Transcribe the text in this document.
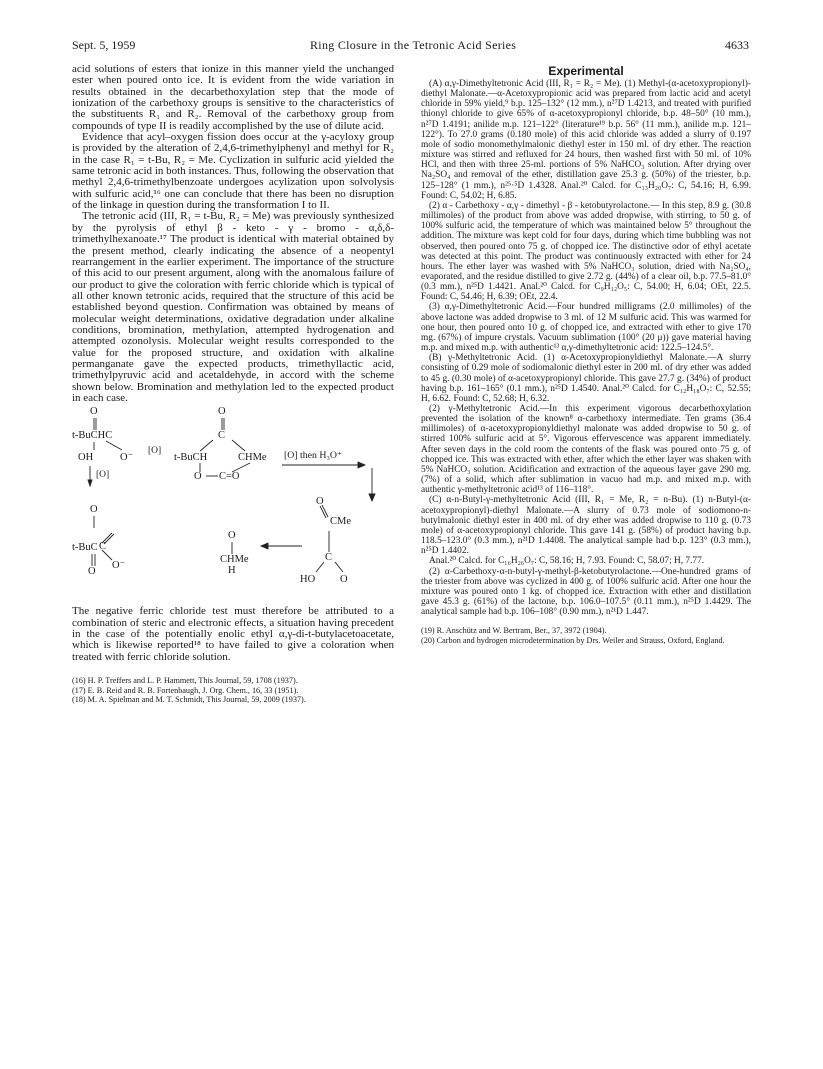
Sept. 5, 1959	Ring Closure in the Tetronic Acid Series	4633

acid solutions of esters that ionize in this manner yield the unchanged ester when poured onto ice. It is evident from the wide variation in results obtained in the decarbethoxylation step that the mode of ionization of the carbethoxy groups is sensitive to the characteristics of the substituents R₁ and R₂. Removal of the carbethoxy group from compounds of type II is readily accomplished by the use of dilute acid.

Evidence that acyl–oxygen fission does occur at the γ-acyloxy group is provided by the alteration of 2,4,6-trimethylphenyl and methyl for R₂ in the case R₁ = t-Bu, R₂ = Me. Cyclization in sulfuric acid yielded the same tetronic acid in both instances. Thus, following the observation that methyl 2,4,6-trimethylbenzoate undergoes acylization upon solvolysis with sulfuric acid,¹⁶ one can conclude that there has been no disruption of the linkage in question during the transformation I to II.

The tetronic acid (III, R₁ = t-Bu, R₂ = Me) was previously synthesized by the pyrolysis of ethyl β - keto - γ - bromo - α,δ,δ- trimethylhexanoate.¹⁷ The product is identical with material obtained by the present method, clearly indicating the absence of a neopentyl rearrangement in the earlier experiment. The importance of the structure of this acid to our present argument, along with the anomalous failure of our product to give the coloration with ferric chloride which is typical of all other known tetronic acids, required that the structure of this acid be established beyond question. Confirmation was obtained by means of molecular weight determinations, oxidative degradation under alkaline conditions, bromination, methylation, attempted hydrogenation and attempted ozonolysis. Molecular weight results corresponded to the value for the proposed structure, and oxidation with alkaline permanganate gave the expected products, trimethyllactic acid, trimethylpyruvic acid and acetaldehyde, in accord with the scheme shown below. Bromination and methylation led to the expected product in each case.

O
t-BuCHC
OH	O⁻
[O]
[O]
O
C
t-BuCH	CHMe
O C=O
[O] then H₃O⁺
O
t-BuC C
O
O⁻
O
CHMe
H
O
CMe
C
HO O

The negative ferric chloride test must therefore be attributed to a combination of steric and electronic effects, a situation having precedent in the case of the potentially enolic ethyl α,γ-di-t-butylacetoacetate, which is likewise reported¹⁸ to have failed to give a coloration when treated with ferric chloride solution.

(16) H. P. Treffers and L. P. Hammett, This Journal, 59, 1708 (1937).

(17) E. B. Reid and R. B. Fortenbaugh, J. Org. Chem., 16, 33 (1951).

(18) M. A. Spielman and M. T. Schmidt, This Journal, 59, 2009 (1937).

Experimental

(A) α,γ-Dimethyltetronic Acid (III, R₁ = R₂ = Me). (1) Methyl-(α-acetoxypropionyl)-diethyl Malonate.—α-Acetoxypropionic acid was prepared from lactic acid and acetyl chloride in 59% yield,⁹ b.p. 125–132° (12 mm.), n²⁷D 1.4213, and treated with purified thionyl chloride to give 65% of α-acetoxypropionyl chloride, b.p. 48–50° (10 mm.), n²⁷D 1.4191; anilide m.p. 121–122° (literature¹⁹ b.p. 56° (11 mm.), anilide m.p. 121–122°). To 27.0 grams (0.180 mole) of this acid chloride was added a slurry of 0.197 mole of sodio monomethylmalonic diethyl ester in 150 ml. of dry ether. The reaction mixture was stirred and refluxed for 24 hours, then washed first with 50 ml. of 10% HCl, and then with three 25-ml. portions of 5% NaHCO₃ solution. After drying over Na₂SO₄ and removal of the ether, distillation gave 25.3 g. (50%) of the triester, b.p. 125–128° (1 mm.), n²⁵·⁵D 1.4328. Anal.²⁰ Calcd. for C₁₃H₂₀O₇: C, 54.16; H, 6.99. Found: C, 54.02; H, 6.85.

(2) α - Carbethoxy - α,γ - dimethyl - β - ketobutyrolactone.— In this step, 8.9 g. (30.8 millimoles) of the product from above was added dropwise, with stirring, to 50 g. of 100% sulfuric acid, the temperature of which was maintained below 5° throughout the addition. The mixture was kept cold for four days, during which time bubbling was not observed, then poured onto 75 g. of chopped ice. The distinctive odor of ethyl acetate was detected at this point. The product was continuously extracted with ether for 24 hours. The ether layer was washed with 5% NaHCO₃ solution, dried with Na₂SO₄, evaporated, and the residue distilled to give 2.72 g. (44%) of a clear oil, b.p. 77.5–81.0° (0.3 mm.), n²⁵D 1.4421. Anal.²⁰ Calcd. for C₉H₁₂O₅: C, 54.00; H, 6.04; OEt, 22.5. Found: C, 54.46; H, 6.39; OEt, 22.4.

(3) α,γ-Dimethyltetronic Acid.—Four hundred milligrams (2.0 millimoles) of the above lactone was added dropwise to 3 ml. of 12 M sulfuric acid. This was warmed for one hour, then poured onto 10 g. of chopped ice, and extracted with ether to give 170 mg. (67%) of impure crystals. Vacuum sublimation (100° (20 μ)) gave material having m.p. and mixed m.p. with authentic¹³ α,γ-dimethyltetronic acid: 122.5–124.5°.

(B) γ-Methyltetronic Acid. (1) α-Acetoxypropionyldiethyl Malonate.—A slurry consisting of 0.29 mole of sodiomalonic diethyl ester in 200 ml. of dry ether was added to 45 g. (0.30 mole) of α-acetoxypropionyl chloride. This gave 27.7 g. (34%) of product having b.p. 161–165° (0.1 mm.), n²⁵D 1.4540. Anal.²⁰ Calcd. for C₁₂H₁₈O₇: C, 52.55; H, 6.62. Found: C, 52.68; H, 6.32.

(2) γ-Methyltetronic Acid.—In this experiment vigorous decarbethoxylation prevented the isolation of the known⁸ α-carbethoxy intermediate. Ten grams (36.4 millimoles) of α-acetoxypropionyldiethyl malonate was added dropwise to 50 g. of stirred 100% sulfuric acid at 5°. Vigorous effervescence was apparent immediately. After seven days in the cold room the contents of the flask was poured onto 75 g. of chopped ice. This was extracted with ether, after which the ether layer was shaken with 5% NaHCO₃ solution. Acidification and extraction of the aqueous layer gave 290 mg. (7%) of a solid, which after sublimation in vacuo had m.p. and mixed m.p. with authentic γ-methyltetronic acid¹³ of 116–118°.

(C) α-n-Butyl-γ-methyltetronic Acid (III, R₁ = Me, R₂ = n-Bu). (1) n-Butyl-(α-acetoxypropionyl)-diethyl Malonate.—A slurry of 0.73 mole of sodiomono-n-butylmalonic diethyl ester in 400 ml. of dry ether was added dropwise to 110 g. (0.73 mole) of α-acetoxypropionyl chloride. This gave 141 g. (58%) of product having b.p. 118.5–123.0° (0.3 mm.), n²¹D 1.4408. The analytical sample had b.p. 123° (0.3 mm.), n²⁵D 1.4402.

Anal.²⁰ Calcd. for C₁₆H₂₆O₇: C, 58.16; H, 7.93. Found: C, 58.07; H, 7.77.

(2) α-Carbethoxy-α-n-butyl-γ-methyl-β-ketobutyrolactone.—One-hundred grams of the triester from above was cyclized in 400 g. of 100% sulfuric acid. After one hour the mixture was poured onto 1 kg. of chopped ice. Extraction with ether and distillation gave 45.3 g. (61%) of the lactone, b.p. 106.0–107.5° (0.11 mm.), n²⁵D 1.4429. The analytical sample had b.p. 106–108° (0.90 mm.), n²¹D 1.447.

(19) R. Anschütz and W. Bertram, Ber., 37, 3972 (1904).

(20) Carbon and hydrogen microdetermination by Drs. Weiler and Strauss, Oxford, England.
